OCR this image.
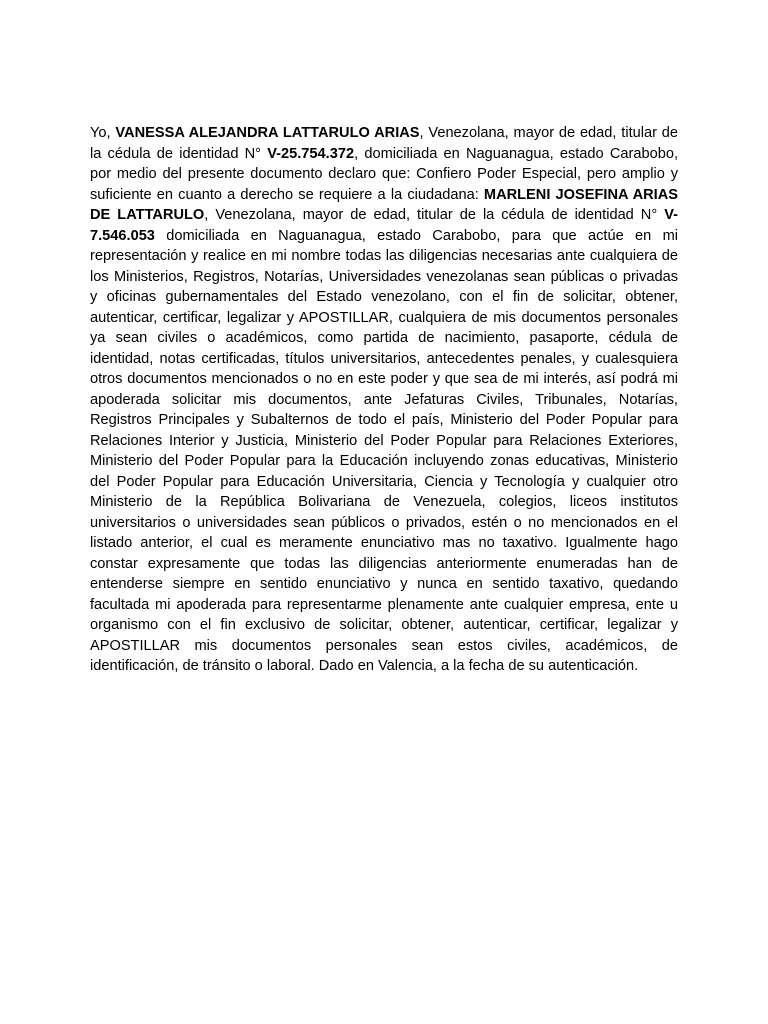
Yo, VANESSA ALEJANDRA LATTARULO ARIAS, Venezolana, mayor de edad, titular de la cédula de identidad N° V-25.754.372, domiciliada en Naguanagua, estado Carabobo, por medio del presente documento declaro que: Confiero Poder Especial, pero amplio y suficiente en cuanto a derecho se requiere a la ciudadana: MARLENI JOSEFINA ARIAS DE LATTARULO, Venezolana, mayor de edad, titular de la cédula de identidad N° V-7.546.053 domiciliada en Naguanagua, estado Carabobo, para que actúe en mi representación y realice en mi nombre todas las diligencias necesarias ante cualquiera de los Ministerios, Registros, Notarías, Universidades venezolanas sean públicas o privadas y oficinas gubernamentales del Estado venezolano, con el fin de solicitar, obtener, autenticar, certificar, legalizar y APOSTILLAR, cualquiera de mis documentos personales ya sean civiles o académicos, como partida de nacimiento, pasaporte, cédula de identidad, notas certificadas, títulos universitarios, antecedentes penales, y cualesquiera otros documentos mencionados o no en este poder y que sea de mi interés, así podrá mi apoderada solicitar mis documentos, ante Jefaturas Civiles, Tribunales, Notarías, Registros Principales y Subalternos de todo el país, Ministerio del Poder Popular para Relaciones Interior y Justicia, Ministerio del Poder Popular para Relaciones Exteriores, Ministerio del Poder Popular para la Educación incluyendo zonas educativas, Ministerio del Poder Popular para Educación Universitaria, Ciencia y Tecnología y cualquier otro Ministerio de la República Bolivariana de Venezuela, colegios, liceos institutos universitarios o universidades sean públicos o privados, estén o no mencionados en el listado anterior, el cual es meramente enunciativo mas no taxativo. Igualmente hago constar expresamente que todas las diligencias anteriormente enumeradas han de entenderse siempre en sentido enunciativo y nunca en sentido taxativo, quedando facultada mi apoderada para representarme plenamente ante cualquier empresa, ente u organismo con el fin exclusivo de solicitar, obtener, autenticar, certificar, legalizar y APOSTILLAR mis documentos personales sean estos civiles, académicos, de identificación, de tránsito o laboral. Dado en Valencia, a la fecha de su autenticación.
